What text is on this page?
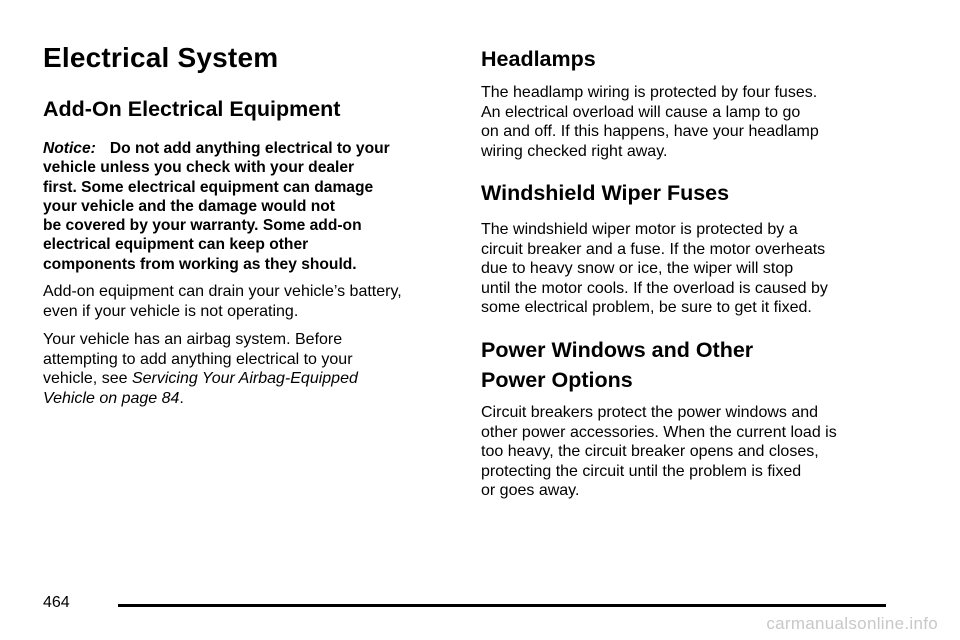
Electrical System
Add-On Electrical Equipment

Notice: Do not add anything electrical to your
vehicle unless you check with your dealer
first. Some electrical equipment can damage
your vehicle and the damage would not
be covered by your warranty. Some add-on
electrical equipment can keep other
components from working as they should.

Add-on equipment can drain your vehicle’s battery,
even if your vehicle is not operating.

Your vehicle has an airbag system. Before
attempting to add anything electrical to your
vehicle, see Servicing Your Airbag-Equipped
Vehicle on page 84.

Headlamps

The headlamp wiring is protected by four fuses.
An electrical overload will cause a lamp to go
on and off. If this happens, have your headlamp
wiring checked right away.

Windshield Wiper Fuses

The windshield wiper motor is protected by a
circuit breaker and a fuse. If the motor overheats
due to heavy snow or ice, the wiper will stop
until the motor cools. If the overload is caused by
some electrical problem, be sure to get it fixed.

Power Windows and Other
Power Options

Circuit breakers protect the power windows and
other power accessories. When the current load is
too heavy, the circuit breaker opens and closes,
protecting the circuit until the problem is fixed
or goes away.

464
carmanualsonline.info
